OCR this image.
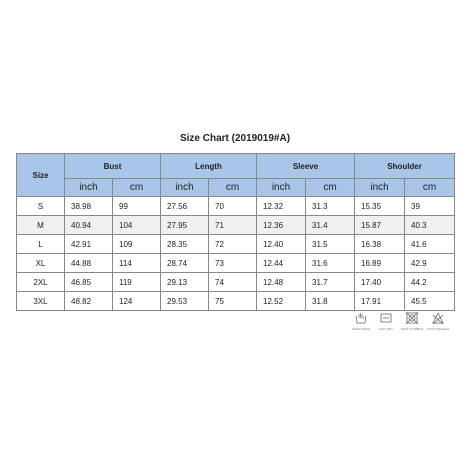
Size Chart (2019019#A)
Size	Bust		Length		Sleeve		Shoulder	
	inch	cm	inch	cm	inch	cm	inch	cm
S	38.98	99	27.56	70	12.32	31.3	15.35	39
M	40.94	104	27.95	71	12.36	31.4	15.87	40.3
L	42.91	109	28.35	72	12.40	31.5	16.38	41.6
XL	44.88	114	28.74	73	12.44	31.6	16.89	42.9
2XL	46.85	119	29.13	74	12.48	31.7	17.40	44.2
3XL	48.82	124	29.53	75	12.52	31.8	17.91	45.5
HAND WASH	FLAT DRY	DON'T TUMBLE	DON'T BLEACH
